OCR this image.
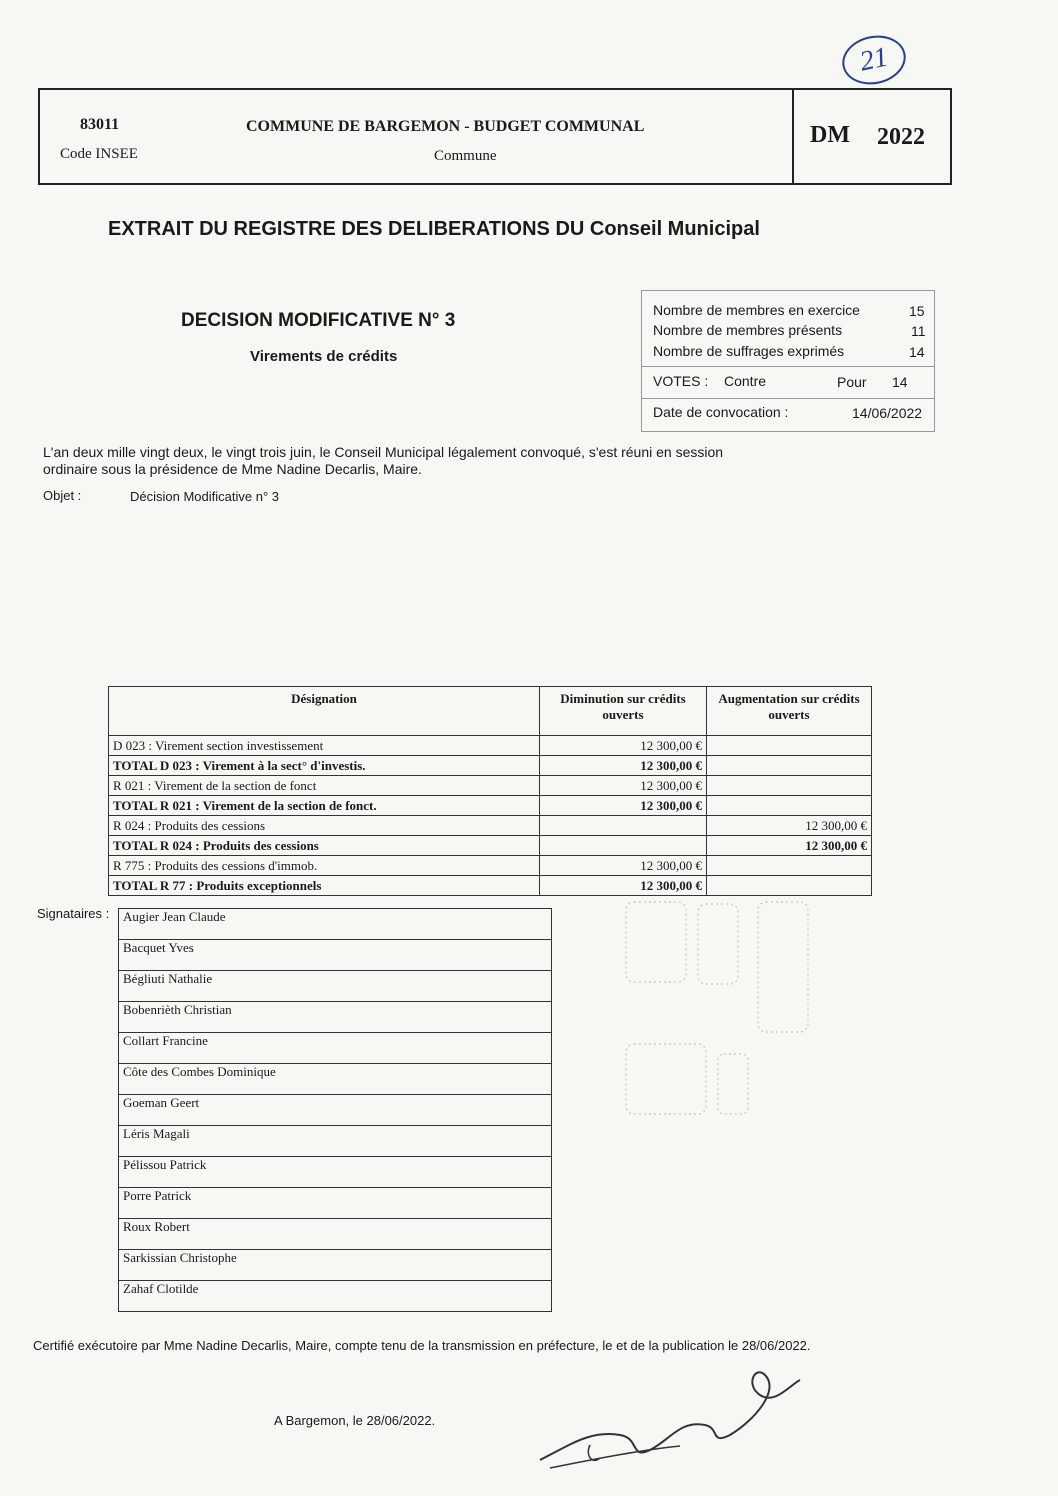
21
83011
Code INSEE
COMMUNE DE BARGEMON - BUDGET COMMUNAL
Commune
DM 2022
EXTRAIT DU REGISTRE DES DELIBERATIONS DU Conseil Municipal
DECISION MODIFICATIVE N° 3
Virements de crédits
Nombre de membres en exercice	15
Nombre de membres présents	11
Nombre de suffrages exprimés	14
VOTES : Contre	Pour 14
Date de convocation :	14/06/2022
L'an deux mille vingt deux, le vingt trois juin, le Conseil Municipal légalement convoqué, s'est réuni en session ordinaire sous la présidence de Mme Nadine Decarlis, Maire.
Objet :	Décision Modificative n° 3
Désignation	Diminution sur crédits ouverts	Augmentation sur crédits ouverts
D 023 : Virement section investissement	12 300,00 €	
TOTAL D 023 : Virement à la sect° d'investis.	12 300,00 €	
R 021 : Virement de la section de fonct	12 300,00 €	
TOTAL R 021 : Virement de la section de fonct.	12 300,00 €	
R 024 : Produits des cessions		12 300,00 €
TOTAL R 024 : Produits des cessions		12 300,00 €
R 775 : Produits des cessions d'immob.	12 300,00 €	
TOTAL R 77 : Produits exceptionnels	12 300,00 €	
Signataires : Augier Jean Claude
Bacquet Yves
Bégliuti Nathalie
Bobenrièth Christian
Collart Francine
Côte des Combes Dominique
Goeman Geert
Léris Magali
Pélissou Patrick
Porre Patrick
Roux Robert
Sarkissian Christophe
Zahaf Clotilde
Certifié exécutoire par Mme Nadine Decarlis, Maire, compte tenu de la transmission en préfecture, le et de la publication le 28/06/2022.
A Bargemon, le 28/06/2022.
